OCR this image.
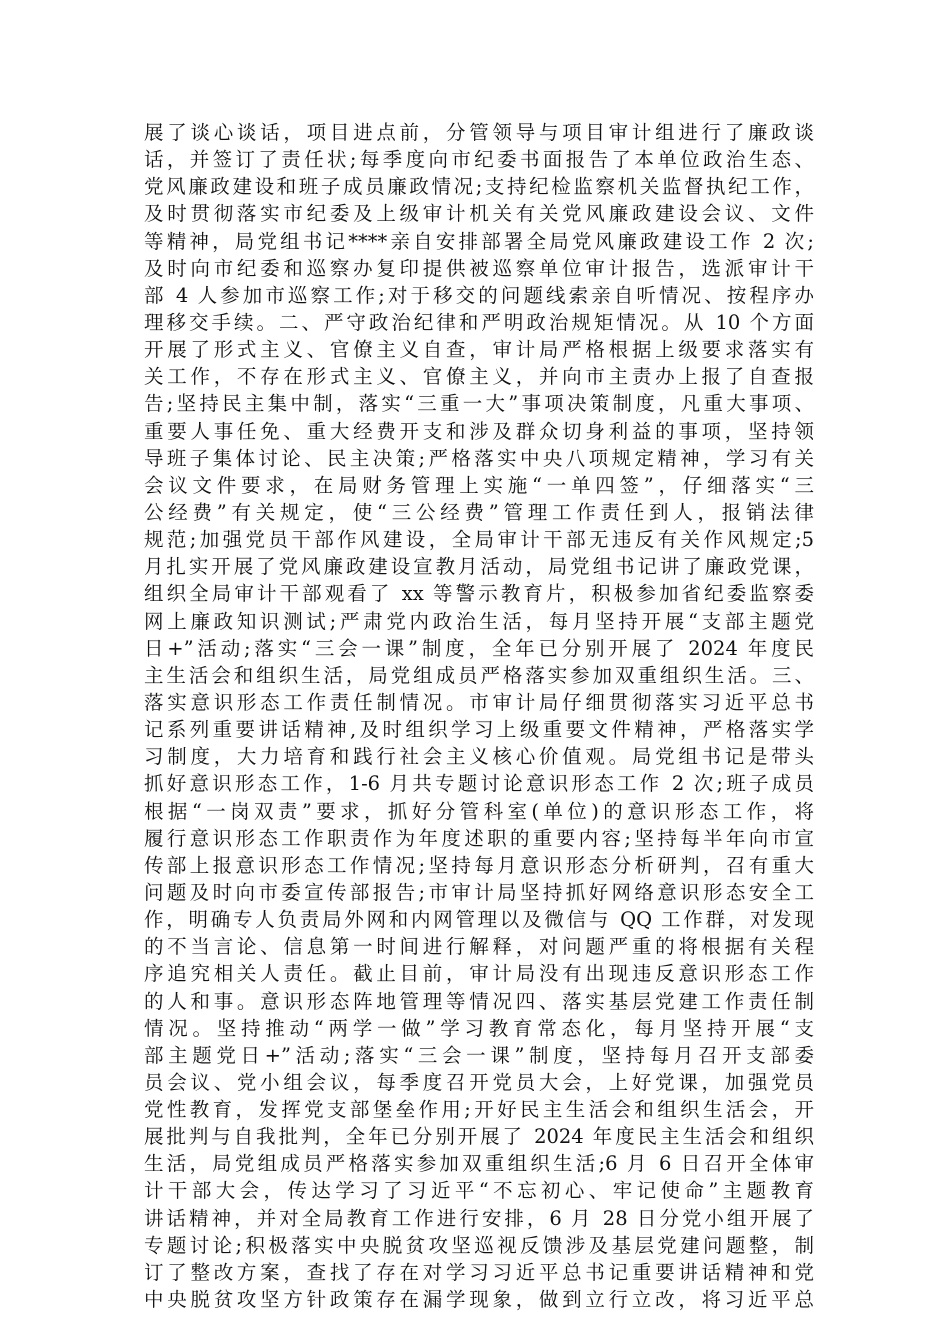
展了谈心谈话，项目进点前，分管领导与项目审计组进行了廉政谈
话，并签订了责任状;每季度向市纪委书面报告了本单位政治生态、
党风廉政建设和班子成员廉政情况;支持纪检监察机关监督执纪工作，
及时贯彻落实市纪委及上级审计机关有关党风廉政建设会议、文件
等精神，局党组书记****亲自安排部署全局党风廉政建设工作 2 次;
及时向市纪委和巡察办复印提供被巡察单位审计报告，选派审计干
部 4 人参加市巡察工作;对于移交的问题线索亲自听情况、按程序办
理移交手续。二、严守政治纪律和严明政治规矩情况。从 10 个方面
开展了形式主义、官僚主义自查，审计局严格根据上级要求落实有
关工作，不存在形式主义、官僚主义，并向市主责办上报了自查报
告;坚持民主集中制，落实“三重一大”事项决策制度，凡重大事项、
重要人事任免、重大经费开支和涉及群众切身利益的事项，坚持领
导班子集体讨论、民主决策;严格落实中央八项规定精神，学习有关
会议文件要求，在局财务管理上实施“一单四签”，仔细落实“三
公经费”有关规定，使“三公经费”管理工作责任到人，报销法律
规范;加强党员干部作风建设，全局审计干部无违反有关作风规定;5
月扎实开展了党风廉政建设宣教月活动，局党组书记讲了廉政党课，
组织全局审计干部观看了 xx 等警示教育片，积极参加省纪委监察委
网上廉政知识测试;严肃党内政治生活，每月坚持开展“支部主题党
日+”活动;落实“三会一课”制度，全年已分别开展了 2024 年度民
主生活会和组织生活，局党组成员严格落实参加双重组织生活。三、
落实意识形态工作责任制情况。市审计局仔细贯彻落实习近平总书
记系列重要讲话精神,及时组织学习上级重要文件精神，严格落实学
习制度，大力培育和践行社会主义核心价值观。局党组书记是带头
抓好意识形态工作，1-6 月共专题讨论意识形态工作 2 次;班子成员
根据“一岗双责”要求，抓好分管科室(单位)的意识形态工作，将
履行意识形态工作职责作为年度述职的重要内容;坚持每半年向市宣
传部上报意识形态工作情况;坚持每月意识形态分析研判，召有重大
问题及时向市委宣传部报告;市审计局坚持抓好网络意识形态安全工
作，明确专人负责局外网和内网管理以及微信与 QQ 工作群，对发现
的不当言论、信息第一时间进行解释，对问题严重的将根据有关程
序追究相关人责任。截止目前，审计局没有出现违反意识形态工作
的人和事。意识形态阵地管理等情况四、落实基层党建工作责任制
情况。坚持推动“两学一做”学习教育常态化，每月坚持开展“支
部主题党日+”活动;落实“三会一课”制度，坚持每月召开支部委
员会议、党小组会议，每季度召开党员大会，上好党课，加强党员
党性教育，发挥党支部堡垒作用;开好民主生活会和组织生活会，开
展批判与自我批判，全年已分别开展了 2024 年度民主生活会和组织
生活，局党组成员严格落实参加双重组织生活;6 月 6 日召开全体审
计干部大会，传达学习了习近平“不忘初心、牢记使命”主题教育
讲话精神，并对全局教育工作进行安排，6 月 28 日分党小组开展了
专题讨论;积极落实中央脱贫攻坚巡视反馈涉及基层党建问题整，制
订了整改方案，查找了存在对学习习近平总书记重要讲话精神和党
中央脱贫攻坚方针政策存在漏学现象，做到立行立改，将习近平总
